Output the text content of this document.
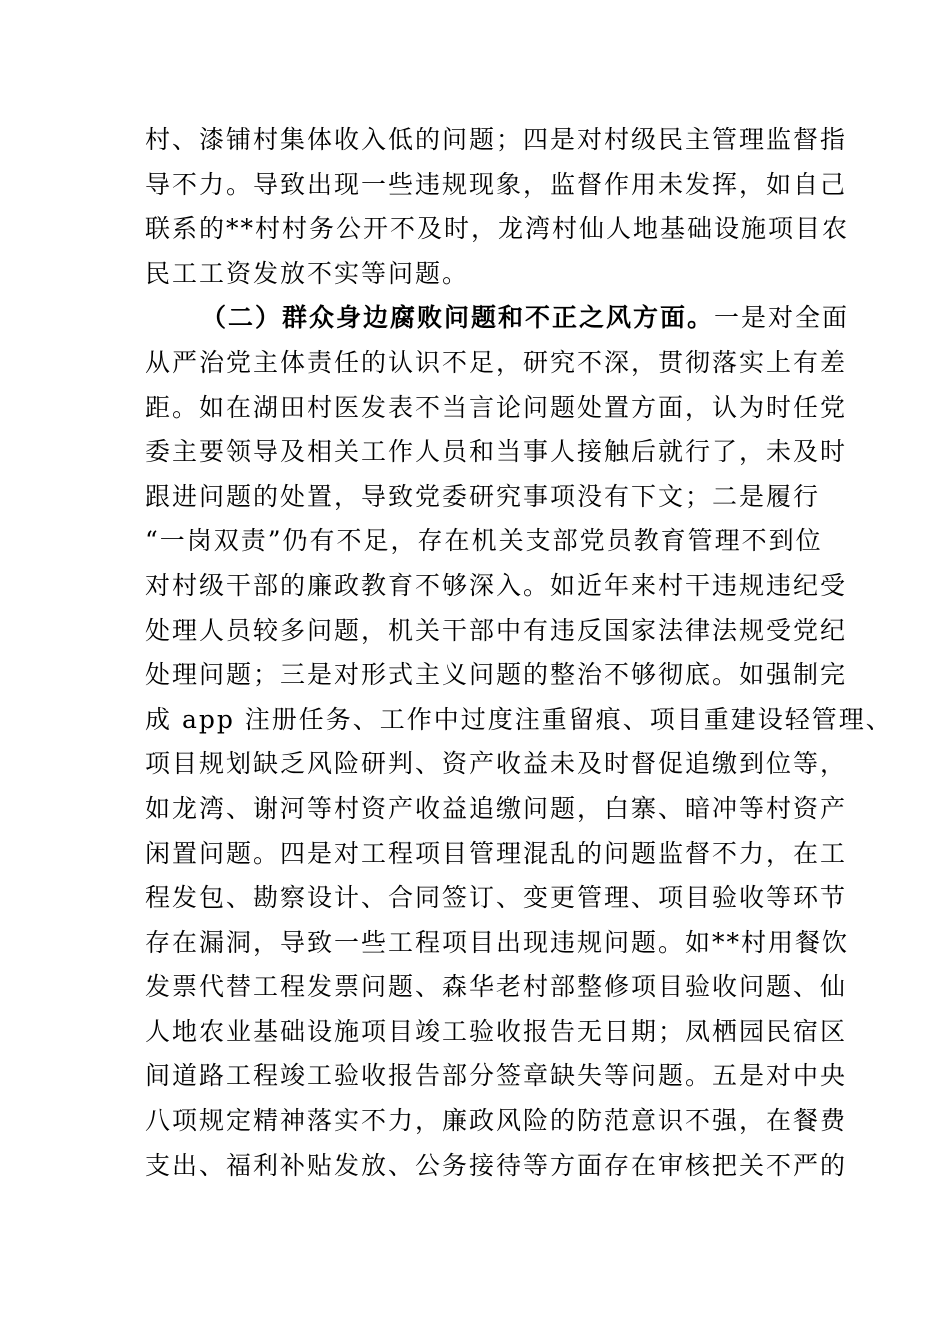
村、漆铺村集体收入低的问题；四是对村级民主管理监督指
导不力。导致出现一些违规现象，监督作用未发挥，如自己
联系的**村村务公开不及时，龙湾村仙人地基础设施项目农
民工工资发放不实等问题。
（二）群众身边腐败问题和不正之风方面。一是对全面
从严治党主体责任的认识不足，研究不深，贯彻落实上有差
距。如在湖田村医发表不当言论问题处置方面，认为时任党
委主要领导及相关工作人员和当事人接触后就行了，未及时
跟进问题的处置，导致党委研究事项没有下文；二是履行
“一岗双责”仍有不足，存在机关支部党员教育管理不到位
对村级干部的廉政教育不够深入。如近年来村干违规违纪受
处理人员较多问题，机关干部中有违反国家法律法规受党纪
处理问题；三是对形式主义问题的整治不够彻底。如强制完
成 app 注册任务、工作中过度注重留痕、项目重建设轻管理、
项目规划缺乏风险研判、资产收益未及时督促追缴到位等，
如龙湾、谢河等村资产收益追缴问题，白寨、暗冲等村资产
闲置问题。四是对工程项目管理混乱的问题监督不力，在工
程发包、勘察设计、合同签订、变更管理、项目验收等环节
存在漏洞，导致一些工程项目出现违规问题。如**村用餐饮
发票代替工程发票问题、森华老村部整修项目验收问题、仙
人地农业基础设施项目竣工验收报告无日期；凤栖园民宿区
间道路工程竣工验收报告部分签章缺失等问题。五是对中央
八项规定精神落实不力，廉政风险的防范意识不强，在餐费
支出、福利补贴发放、公务接待等方面存在审核把关不严的
